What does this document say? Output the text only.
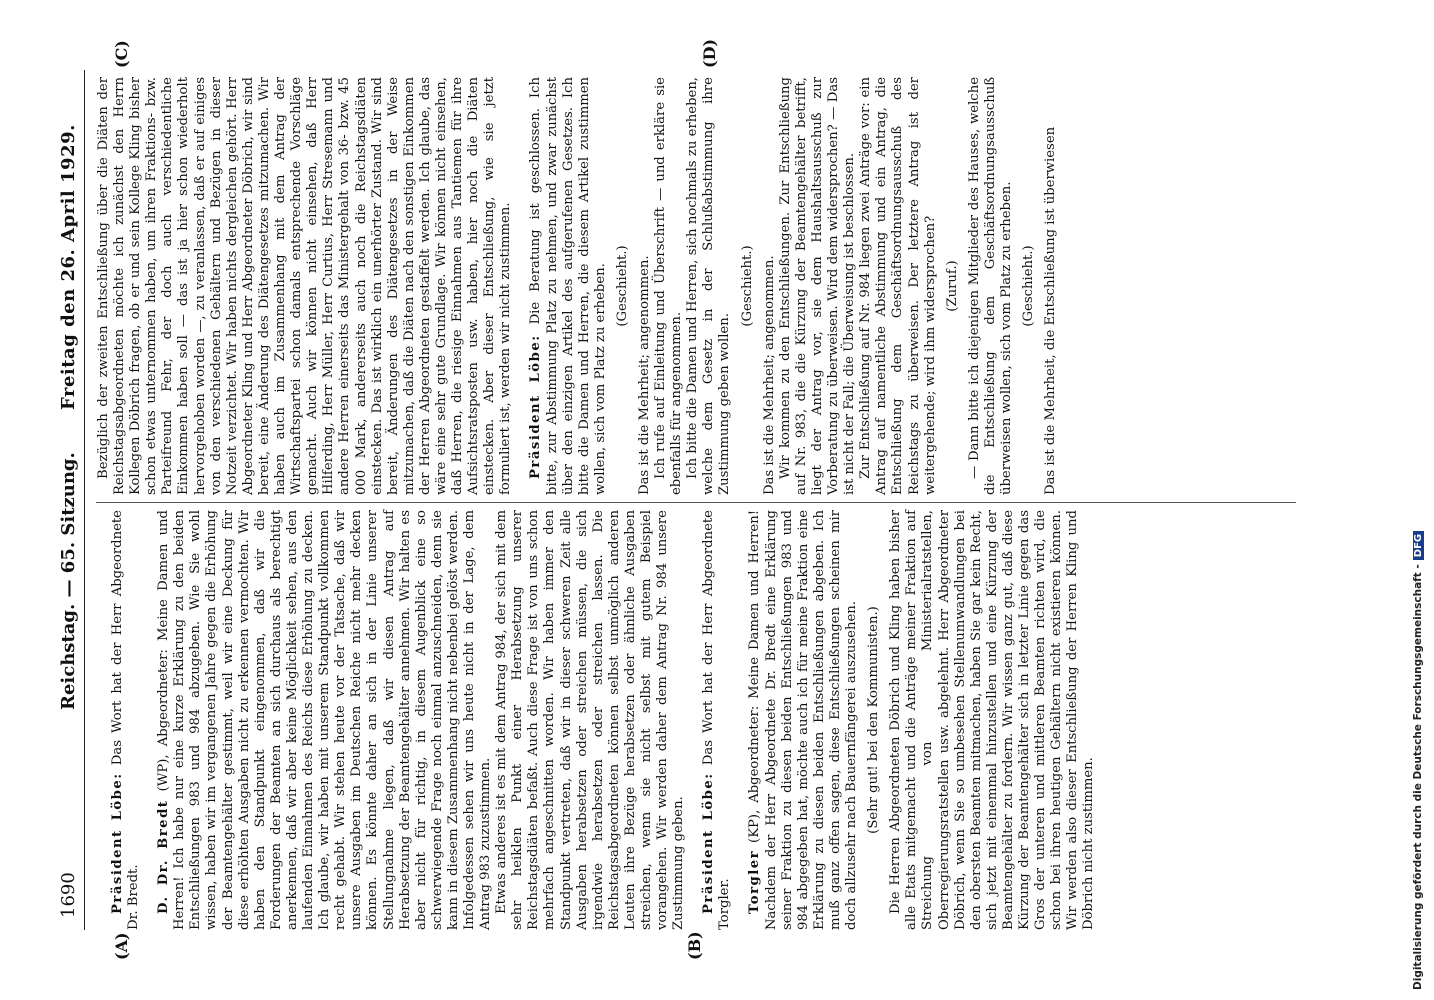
1690
Reichstag. — 65. Sitzung.
Freitag den 26. April 1929.
(A)	(B)
(C)	(D)

Präsident Löbe: Das Wort hat der Herr Abgeordnete Dr. Bredt. D. Dr. Bredt (WP), Abgeordneter: Meine Damen und Herren! Ich habe nur eine kurze Erklärung zu den beiden Entschließungen 983 und 984 abzugeben. Wie Sie wohl wissen, haben wir im vergangenen Jahre gegen die Erhöhung der Beamtengehälter gestimmt, weil wir eine Deckung für diese erhöhten Ausgaben nicht zu erkennen vermochten. Wir haben den Standpunkt eingenommen, daß wir die Forderungen der Beamten an sich durchaus als berechtigt anerkennen, daß wir aber keine Möglichkeit sehen, aus den laufenden Einnahmen des Reichs diese Erhöhung zu decken. Ich glaube, wir haben mit unserem Standpunkt vollkommen recht gehabt. Wir stehen heute vor der Tatsache, daß wir unsere Ausgaben im Deutschen Reiche nicht mehr decken können. Es könnte daher an sich in der Linie unserer Stellungnahme liegen, daß wir diesen Antrag auf Herabsetzung der Beamtengehälter annehmen. Wir halten es aber nicht für richtig, in diesem Augenblick eine so schwerwiegende Frage noch einmal anzuschneiden, denn sie kann in diesem Zusammenhang nicht nebenbei gelöst werden. Infolgedessen sehen wir uns heute nicht in der Lage, dem Antrag 983 zuzustimmen. Etwas anderes ist es mit dem Antrag 984, der sich mit dem sehr heiklen Punkt einer Herabsetzung unserer Reichstagsdiäten befaßt. Auch diese Frage ist von uns schon mehrfach angeschnitten worden. Wir haben immer den Standpunkt vertreten, daß wir in dieser schweren Zeit alle Ausgaben herabsetzen oder streichen müssen, die sich irgendwie herabsetzen oder streichen lassen. Die Reichstagsabgeordneten können selbst unmöglich anderen Leuten ihre Bezüge herabsetzen oder ähnliche Ausgaben streichen, wenn sie nicht selbst mit gutem Beispiel vorangehen. Wir werden daher dem Antrag Nr. 984 unsere Zustimmung geben. Präsident Löbe: Das Wort hat der Herr Abgeordnete Torgler. Torgler (KP), Abgeordneter: Meine Damen und Herren! Nachdem der Herr Abgeordnete Dr. Bredt eine Erklärung seiner Fraktion zu diesen beiden Entschließungen 983 und 984 abgegeben hat, möchte auch ich für meine Fraktion eine Erklärung zu diesen beiden Entschließungen abgeben. Ich muß ganz offen sagen, diese Entschließungen scheinen mir doch allzusehr nach Bauernfängerei auszusehen. (Sehr gut! bei den Kommunisten.) Die Herren Abgeordneten Döbrich und Kling haben bisher alle Etats mitgemacht und die Anträge meiner Fraktion auf Streichung von Ministerialratstellen, Oberregierungsratstellen usw. abgelehnt. Herr Abgeordneter Döbrich, wenn Sie so umbesehen Stellenumwandlungen bei den obersten Beamten mitmachen, haben Sie gar kein Recht, sich jetzt mit einemmal hinzustellen und eine Kürzung der Beamtengehälter zu fordern. Wir wissen ganz gut, daß diese Kürzung der Beamtengehälter sich in letzter Linie gegen das Gros der unteren und mittleren Beamten richten wird, die schon bei ihren heutigen Gehältern nicht existieren können. Wir werden also dieser Entschließung der Herren Kling und Döbrich nicht zustimmen.

Bezüglich der zweiten Entschließung über die Diäten der Reichstagsabgeordneten möchte ich zunächst den Herrn Kollegen Döbrich fragen, ob er und sein Kollege Kling bisher schon etwas unternommen haben, um ihren Fraktions- bzw. Parteifreund Fehr, der doch auch verschiedentliche Einkommen haben soll — das ist ja hier schon wiederholt hervorgehoben worden —, zu veranlassen, daß er auf einiges von den verschiedenen Gehältern und Bezügen in dieser Notzeit verzichtet. Wir haben nichts dergleichen gehört. Herr Abgeordneter Kling und Herr Abgeordneter Döbrich, wir sind bereit, eine Änderung des Diätengesetzes mitzumachen. Wir haben auch im Zusammenhang mit dem Antrag der Wirtschaftspartei schon damals entsprechende Vorschläge gemacht. Auch wir können nicht einsehen, daß Herr Hilferding, Herr Müller, Herr Curtius, Herr Stresemann und andere Herren einerseits das Ministergehalt von 36- bzw. 45 000 Mark, andererseits auch noch die Reichstagsdiäten einstecken. Das ist wirklich ein unerhörter Zustand. Wir sind bereit, Änderungen des Diätengesetzes in der Weise mitzumachen, daß die Diäten nach den sonstigen Einkommen der Herren Abgeordneten gestaffelt werden. Ich glaube, das wäre eine sehr gute Grundlage. Wir können nicht einsehen, daß Herren, die riesige Einnahmen aus Tantiemen für ihre Aufsichtsratsposten usw. haben, hier noch die Diäten einstecken. Aber dieser Entschließung, wie sie jetzt formuliert ist, werden wir nicht zustimmen. Präsident Löbe: Die Beratung ist geschlossen. Ich bitte, zur Abstimmung Platz zu nehmen, und zwar zunächst über den einzigen Artikel des aufgerufenen Gesetzes. Ich bitte die Damen und Herren, die diesem Artikel zustimmen wollen, sich vom Platz zu erheben. (Geschieht.) Das ist die Mehrheit; angenommen. Ich rufe auf Einleitung und Überschrift — und erkläre sie ebenfalls für angenommen. Ich bitte die Damen und Herren, sich nochmals zu erheben, welche dem Gesetz in der Schlußabstimmung ihre Zustimmung geben wollen.

(Geschieht.) Das ist die Mehrheit; angenommen. Wir kommen zu den Entschließungen. Zur Entschließung auf Nr. 983, die die Kürzung der Beamtengehälter betrifft, liegt der Antrag vor, sie dem Haushaltsausschuß zur Vorberatung zu überweisen. Wird dem widersprochen? — Das ist nicht der Fall; die Überweisung ist beschlossen. Zur Entschließung auf Nr. 984 liegen zwei Anträge vor: ein Antrag auf namentliche Abstimmung und ein Antrag, die Entschließung dem Geschäftsordnungsausschuß des Reichstags zu überweisen. Der letztere Antrag ist der weitergehende; wird ihm widersprochen? (Zuruf.) — Dann bitte ich diejenigen Mitglieder des Hauses, welche die Entschließung dem Geschäftsordnungsausschuß überweisen wollen, sich vom Platz zu erheben. (Geschieht.) Das ist die Mehrheit, die Entschließung ist überwiesen

Digitalisierung gefördert durch die Deutsche Forschungsgemeinschaft -DFG
